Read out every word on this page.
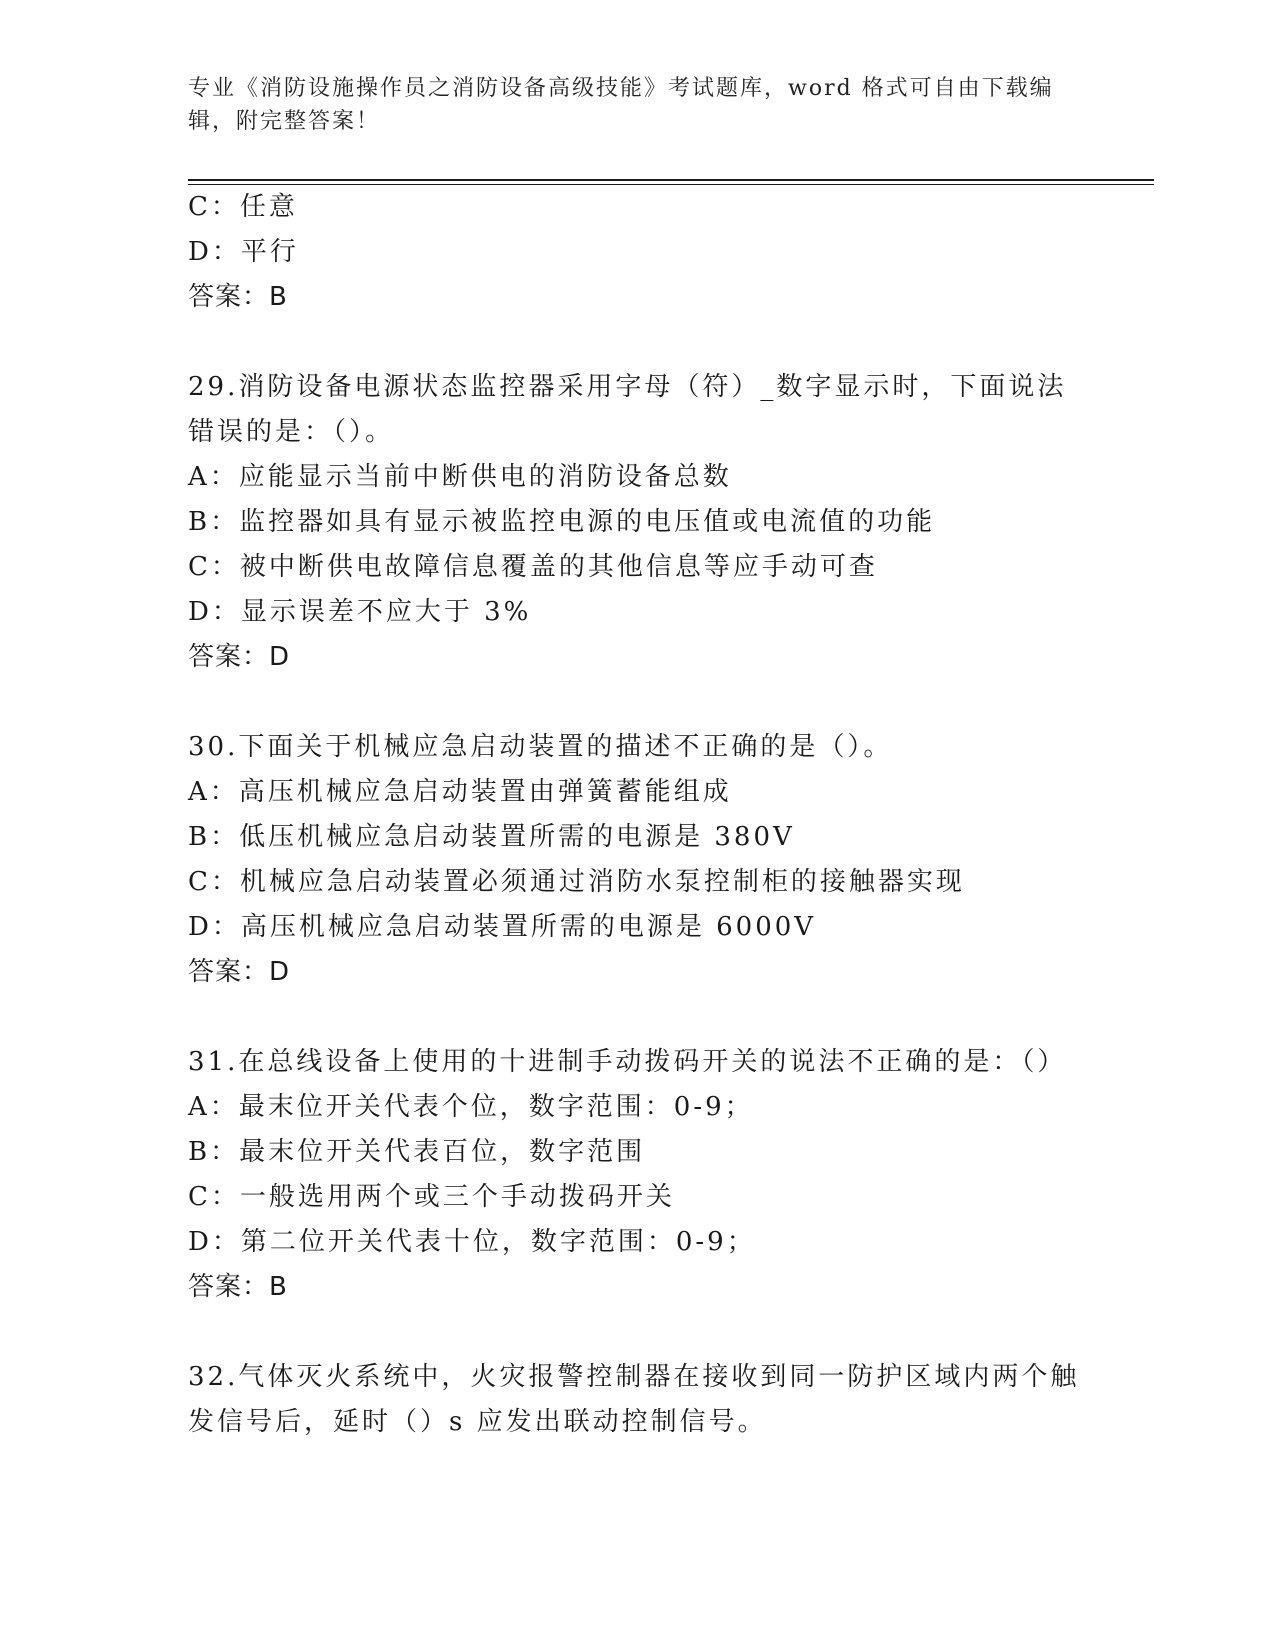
专业《消防设施操作员之消防设备高级技能》考试题库，word 格式可自由下载编辑，附完整答案！
C：任意
D：平行
答案：B
29.消防设备电源状态监控器采用字母（符）_数字显示时，下面说法
错误的是：（）。
A：应能显示当前中断供电的消防设备总数
B：监控器如具有显示被监控电源的电压值或电流值的功能
C：被中断供电故障信息覆盖的其他信息等应手动可查
D：显示误差不应大于 3%
答案：D
30.下面关于机械应急启动装置的描述不正确的是（）。
A：高压机械应急启动装置由弹簧蓄能组成
B：低压机械应急启动装置所需的电源是 380V
C：机械应急启动装置必须通过消防水泵控制柜的接触器实现
D：高压机械应急启动装置所需的电源是 6000V
答案：D
31.在总线设备上使用的十进制手动拨码开关的说法不正确的是：（）
A：最末位开关代表个位，数字范围：0-9；
B：最末位开关代表百位，数字范围
C：一般选用两个或三个手动拨码开关
D：第二位开关代表十位，数字范围：0-9；
答案：B
32.气体灭火系统中，火灾报警控制器在接收到同一防护区域内两个触
发信号后，延时（）s 应发出联动控制信号。
